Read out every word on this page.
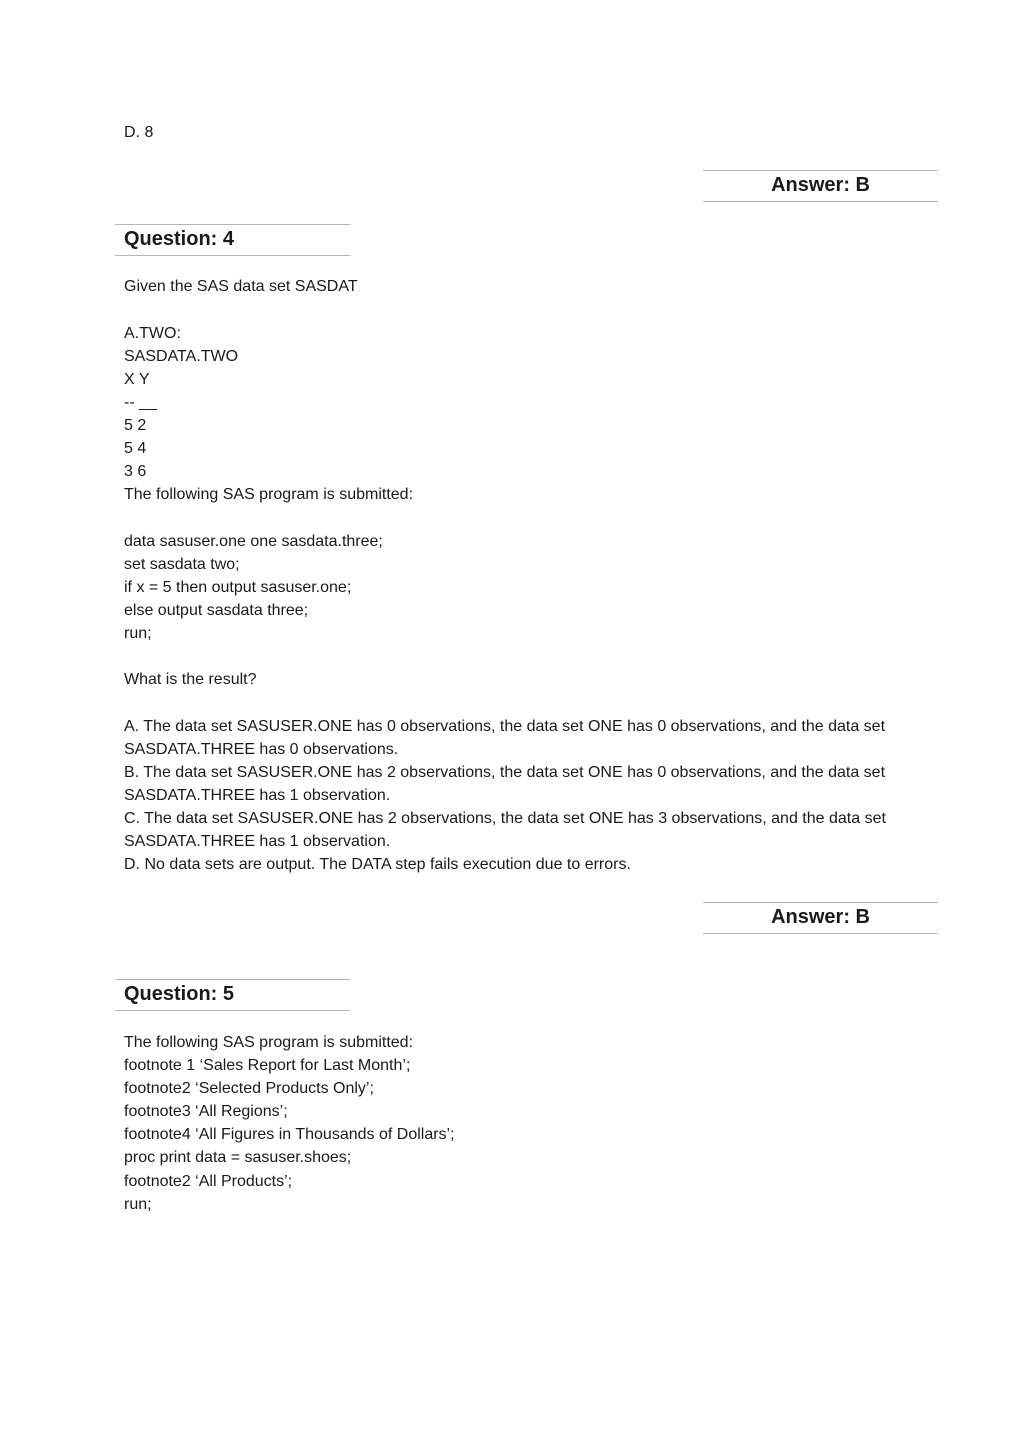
D. 8
Answer: B
Question: 4
Given the SAS data set SASDAT
A.TWO:
SASDATA.TWO
X Y
-- __
5 2
5 4
3 6
The following SAS program is submitted:
data sasuser.one one sasdata.three;
set sasdata two;
if x = 5 then output sasuser.one;
else output sasdata three;
run;
What is the result?
A. The data set SASUSER.ONE has 0 observations, the data set ONE has 0 observations, and the data set
SASDATA.THREE has 0 observations.
B. The data set SASUSER.ONE has 2 observations, the data set ONE has 0 observations, and the data set
SASDATA.THREE has 1 observation.
C. The data set SASUSER.ONE has 2 observations, the data set ONE has 3 observations, and the data set
SASDATA.THREE has 1 observation.
D. No data sets are output. The DATA step fails execution due to errors.
Answer: B
Question: 5
The following SAS program is submitted:
footnote 1 ‘Sales Report for Last Month’;
footnote2 ‘Selected Products Only’;
footnote3 ‘All Regions’;
footnote4 ‘All Figures in Thousands of Dollars’;
proc print data = sasuser.shoes;
footnote2 ‘All Products’;
run;
